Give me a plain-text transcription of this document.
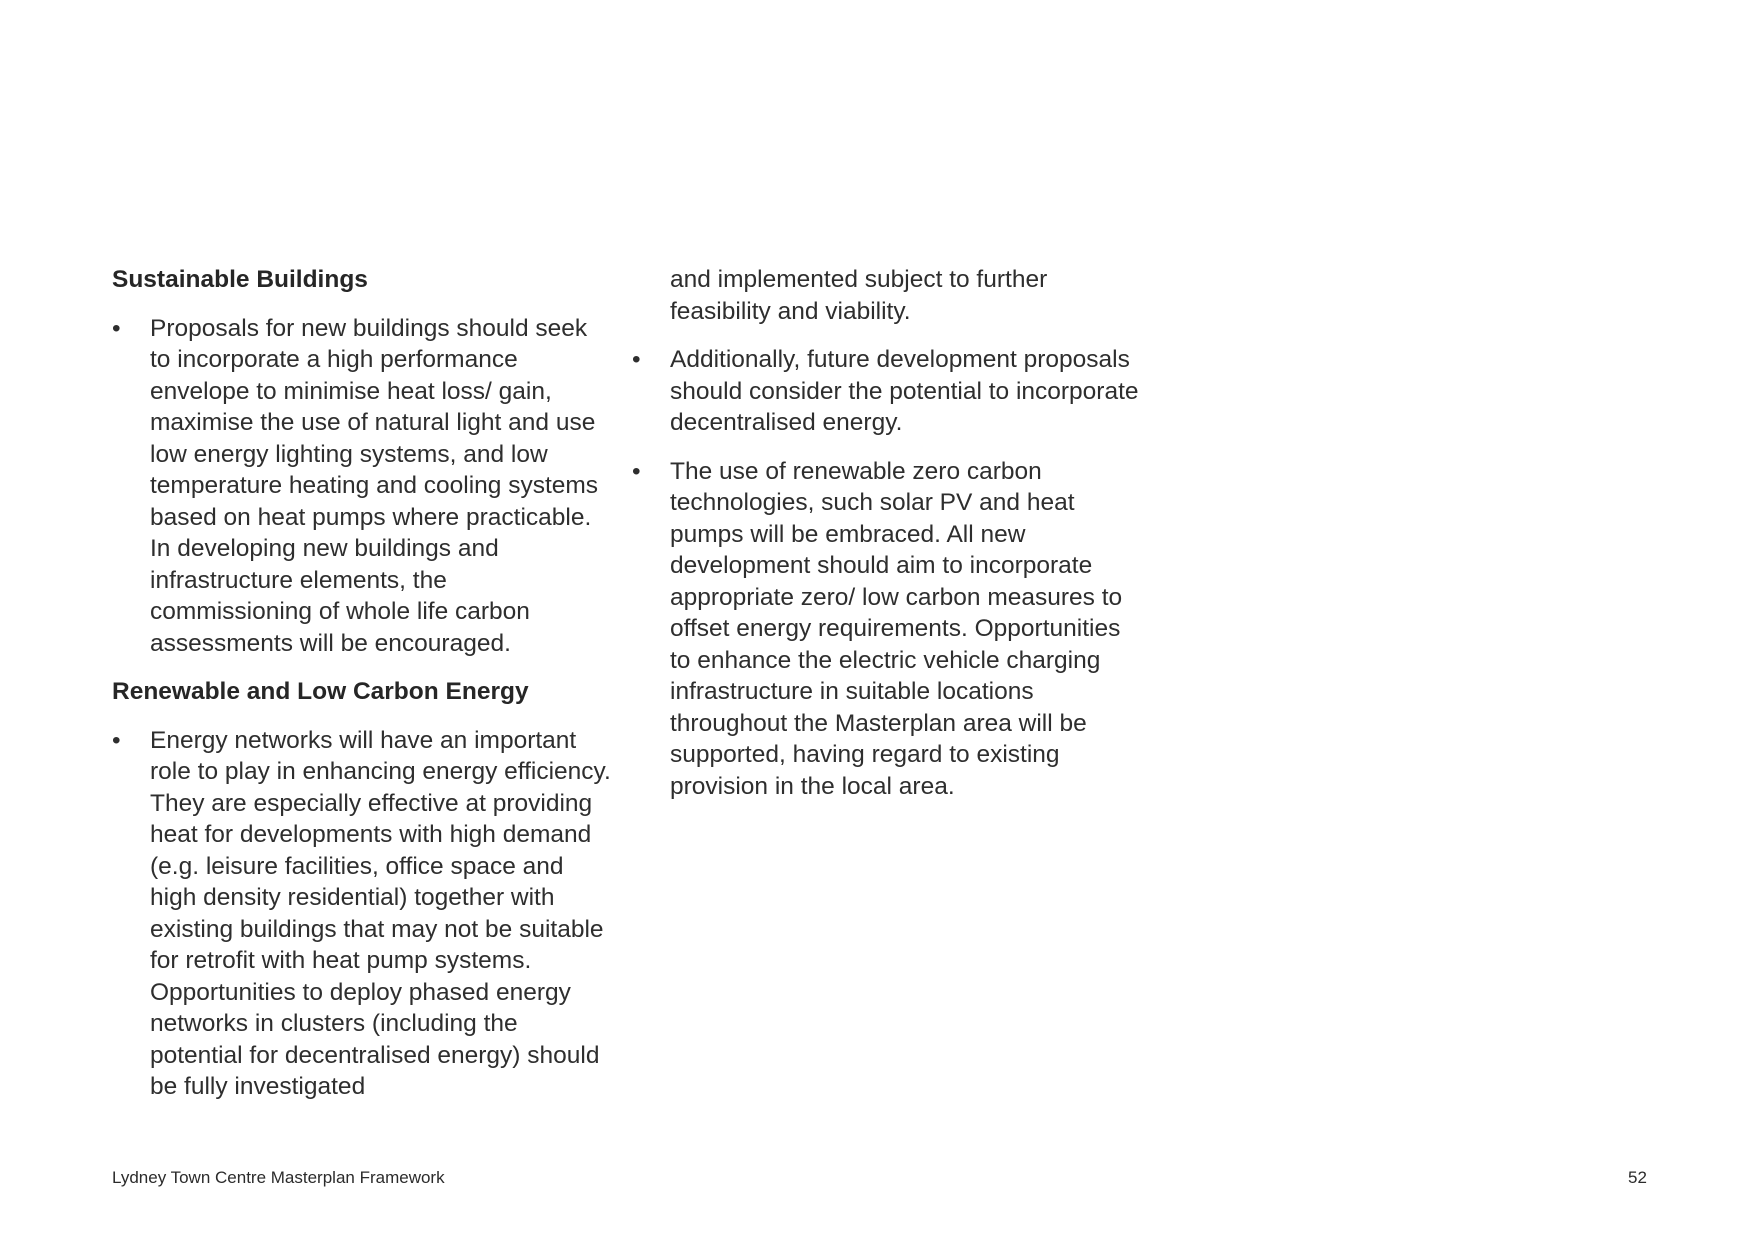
Sustainable Buildings
•	Proposals for new buildings should seek to incorporate a high performance envelope to minimise heat loss/ gain, maximise the use of natural light and use low energy lighting systems, and low temperature heating and cooling systems based on heat pumps where practicable. In developing new buildings and infrastructure elements, the commissioning of whole life carbon assessments will be encouraged.
Renewable and Low Carbon Energy
•	Energy networks will have an important role to play in enhancing energy efficiency. They are especially effective at providing heat for developments with high demand (e.g. leisure facilities, office space and high density residential) together with existing buildings that may not be suitable for retrofit with heat pump systems. Opportunities to deploy phased energy networks in clusters (including the potential for decentralised energy) should be fully investigated
and implemented subject to further feasibility and viability.
•	Additionally, future development proposals should consider the potential to incorporate decentralised energy.
•	The use of renewable zero carbon technologies, such solar PV and heat pumps will be embraced. All new development should aim to incorporate appropriate zero/ low carbon measures to offset energy requirements. Opportunities to enhance the electric vehicle charging infrastructure in suitable locations throughout the Masterplan area will be supported, having regard to existing provision in the local area.
Lydney Town Centre Masterplan Framework	52
